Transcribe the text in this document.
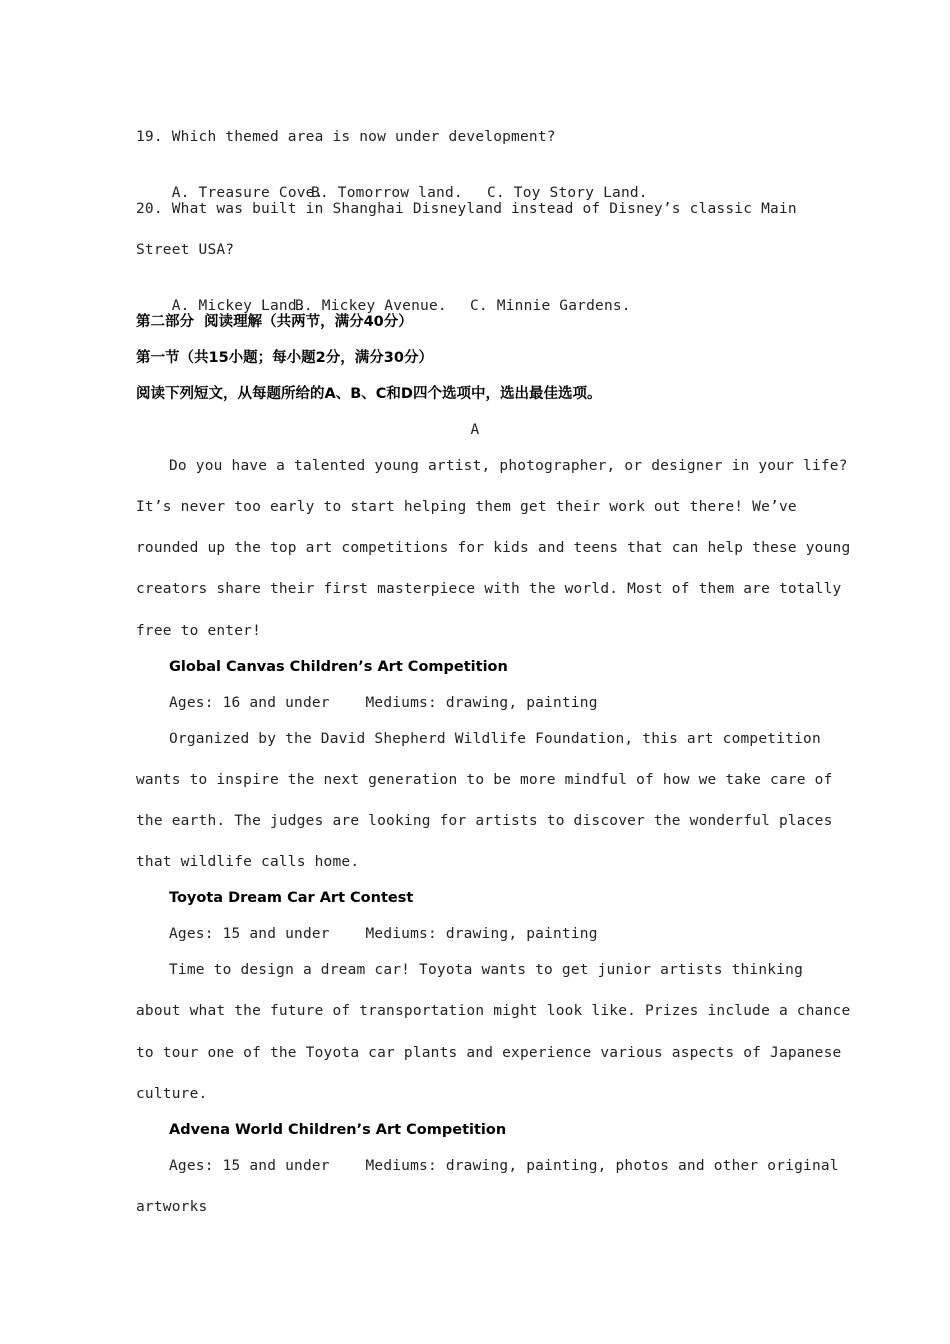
19. Which themed area is now under development?

A. Treasure Cove.
B. Tomorrow land. C. Toy Story Land.

20. What was built in Shanghai Disneyland instead of Disney’s classic Main
Street USA?

A. Mickey Land.
B. Mickey Avenue. C. Minnie Gardens.

第二部分  阅读理解（共两节，满分40分）
第一节（共15小题；每小题2分，满分30分）
阅读下列短文，从每题所给的A、B、C和D四个选项中，选出最佳选项。
A
Do you have a talented young artist, photographer, or designer in your life?
It’s never too early to start helping them get their work out there! We’ve
rounded up the top art competitions for kids and teens that can help these young
creators share their first masterpiece with the world. Most of them are totally
free to enter!
Global Canvas Children’s Art Competition
Ages: 16 and under    Mediums: drawing, painting
Organized by the David Shepherd Wildlife Foundation, this art competition
wants to inspire the next generation to be more mindful of how we take care of
the earth. The judges are looking for artists to discover the wonderful places
that wildlife calls home.
Toyota Dream Car Art Contest
Ages: 15 and under    Mediums: drawing, painting
Time to design a dream car! Toyota wants to get junior artists thinking
about what the future of transportation might look like. Prizes include a chance
to tour one of the Toyota car plants and experience various aspects of Japanese
culture.
Advena World Children’s Art Competition
Ages: 15 and under    Mediums: drawing, painting, photos and other original
artworks
